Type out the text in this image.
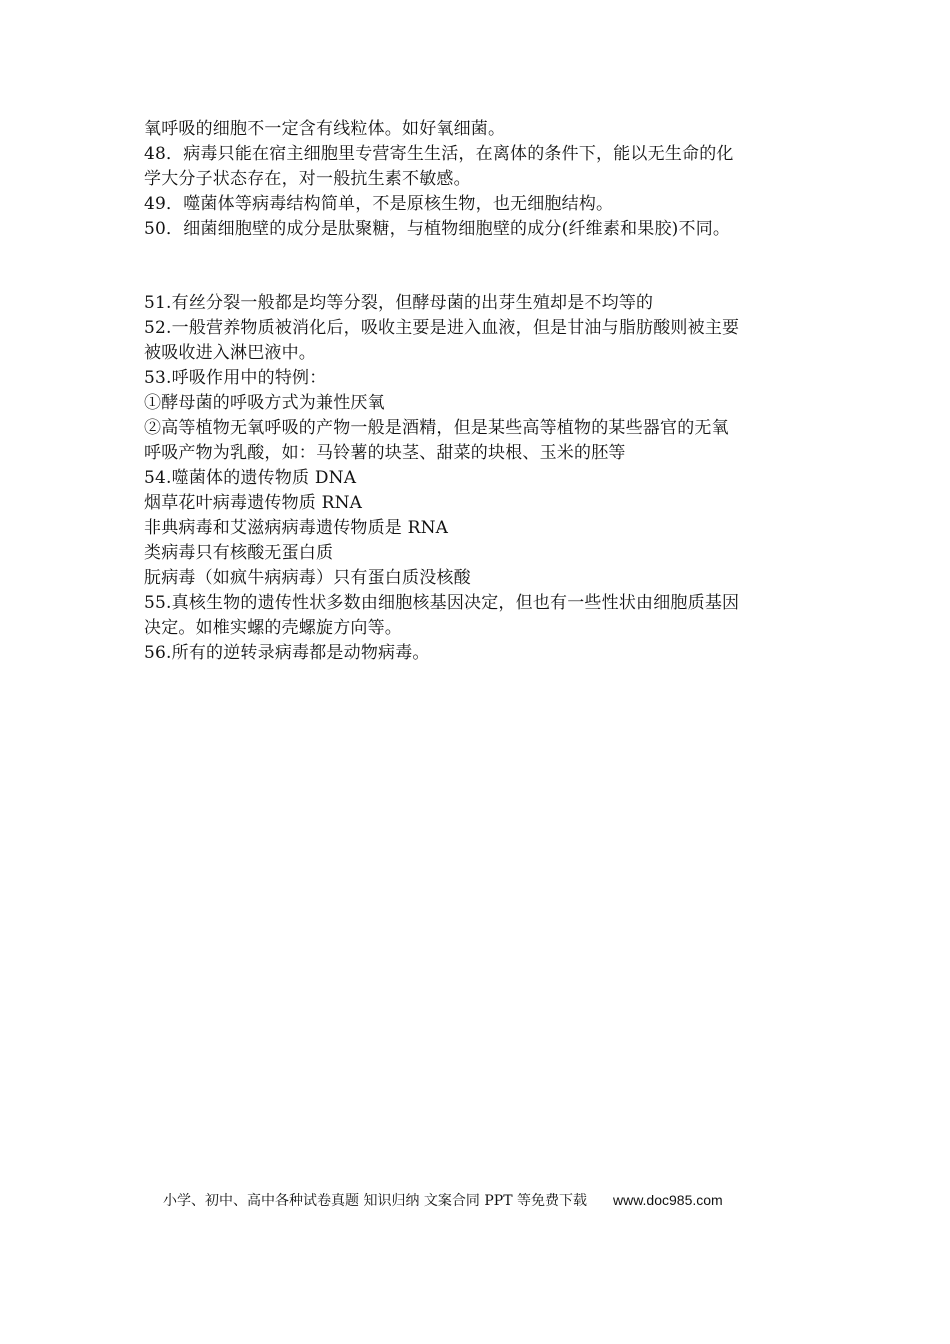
氧呼吸的细胞不一定含有线粒体。如好氧细菌。
48．病毒只能在宿主细胞里专营寄生生活，在离体的条件下，能以无生命的化
学大分子状态存在，对一般抗生素不敏感。
49．噬菌体等病毒结构简单，不是原核生物，也无细胞结构。
50．细菌细胞壁的成分是肽聚糖，与植物细胞壁的成分(纤维素和果胶)不同。
51.有丝分裂一般都是均等分裂，但酵母菌的出芽生殖却是不均等的
52.一般营养物质被消化后，吸收主要是进入血液，但是甘油与脂肪酸则被主要
被吸收进入淋巴液中。
53.呼吸作用中的特例：
①酵母菌的呼吸方式为兼性厌氧
②高等植物无氧呼吸的产物一般是酒精，但是某些高等植物的某些器官的无氧
呼吸产物为乳酸，如：马铃薯的块茎、甜菜的块根、玉米的胚等
54.噬菌体的遗传物质 DNA
烟草花叶病毒遗传物质 RNA
非典病毒和艾滋病病毒遗传物质是 RNA
类病毒只有核酸无蛋白质
朊病毒（如疯牛病病毒）只有蛋白质没核酸
55.真核生物的遗传性状多数由细胞核基因决定，但也有一些性状由细胞质基因
决定。如椎实螺的壳螺旋方向等。
56.所有的逆转录病毒都是动物病毒。
小学、初中、高中各种试卷真题 知识归纳 文案合同 PPT 等免费下载 www.doc985.com
